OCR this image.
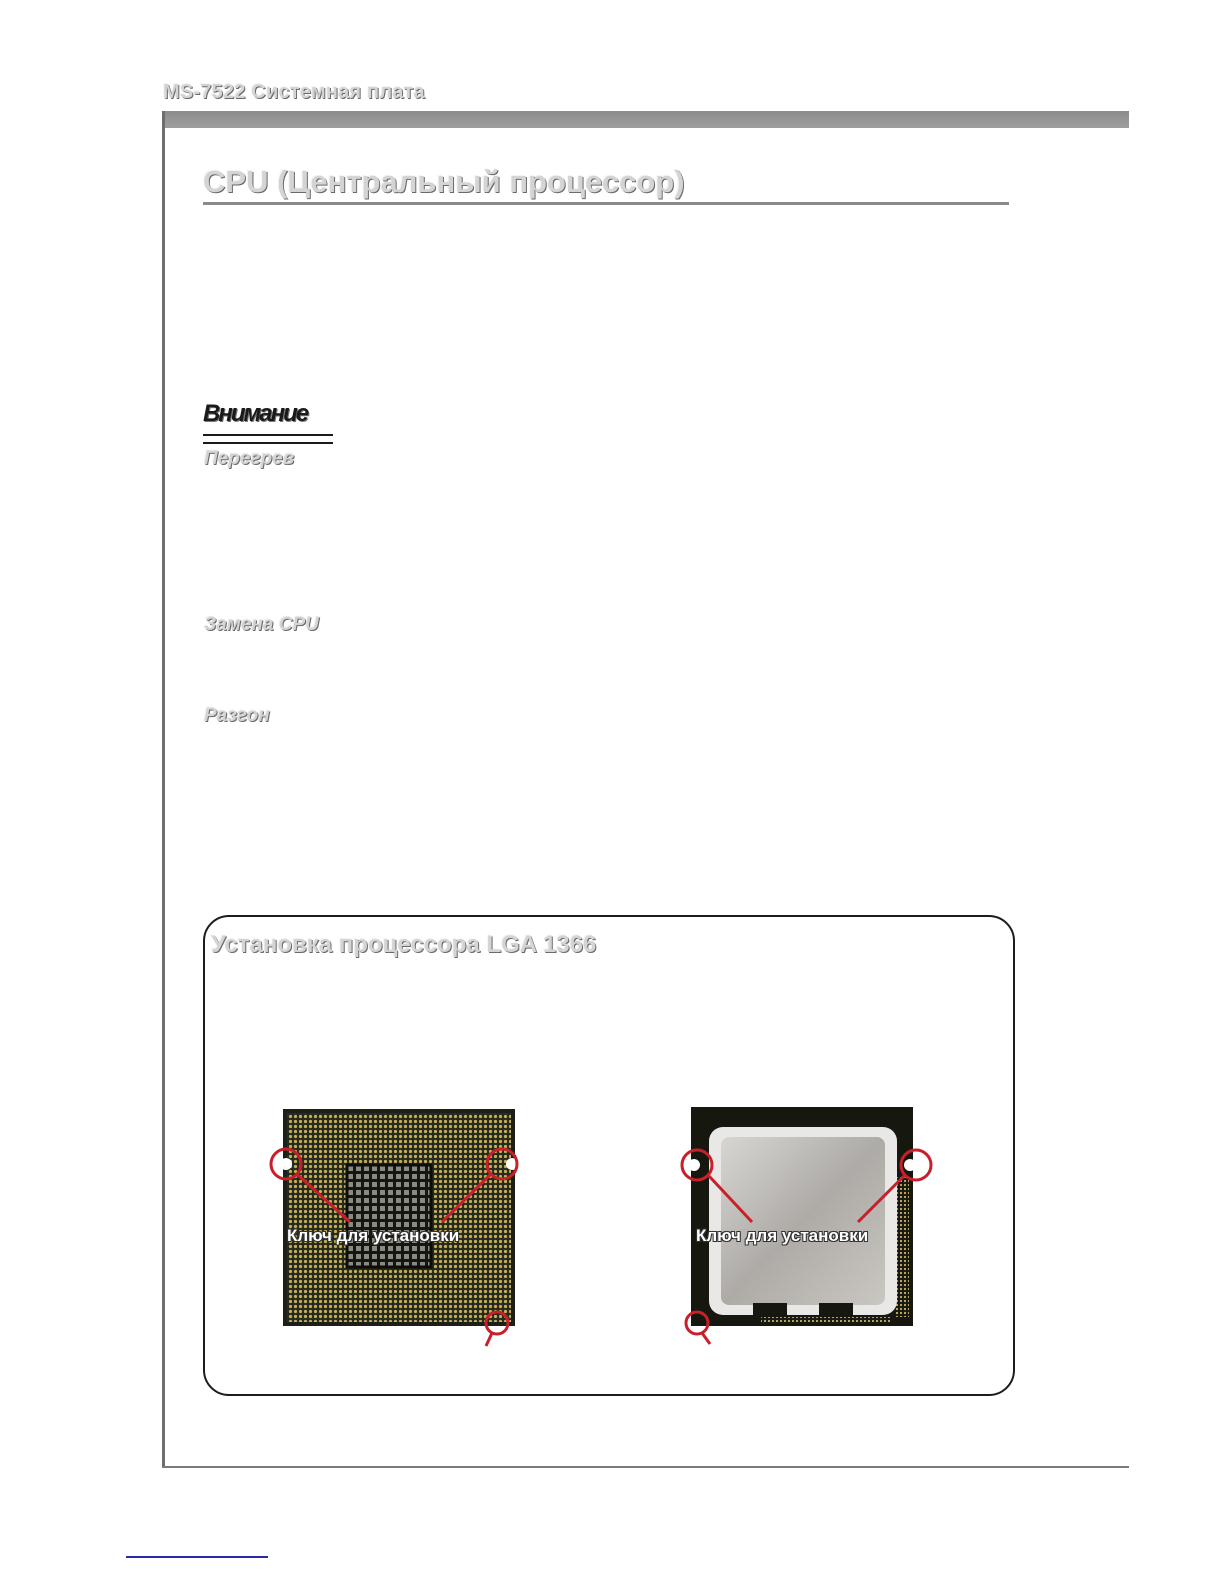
MS-7522 Системная плата
CPU (Центральный процессор)
Внимание
Перегрев
Замена CPU
Разгон
Установка процессора LGA 1366
Ключ для установки	Ключ для установки
